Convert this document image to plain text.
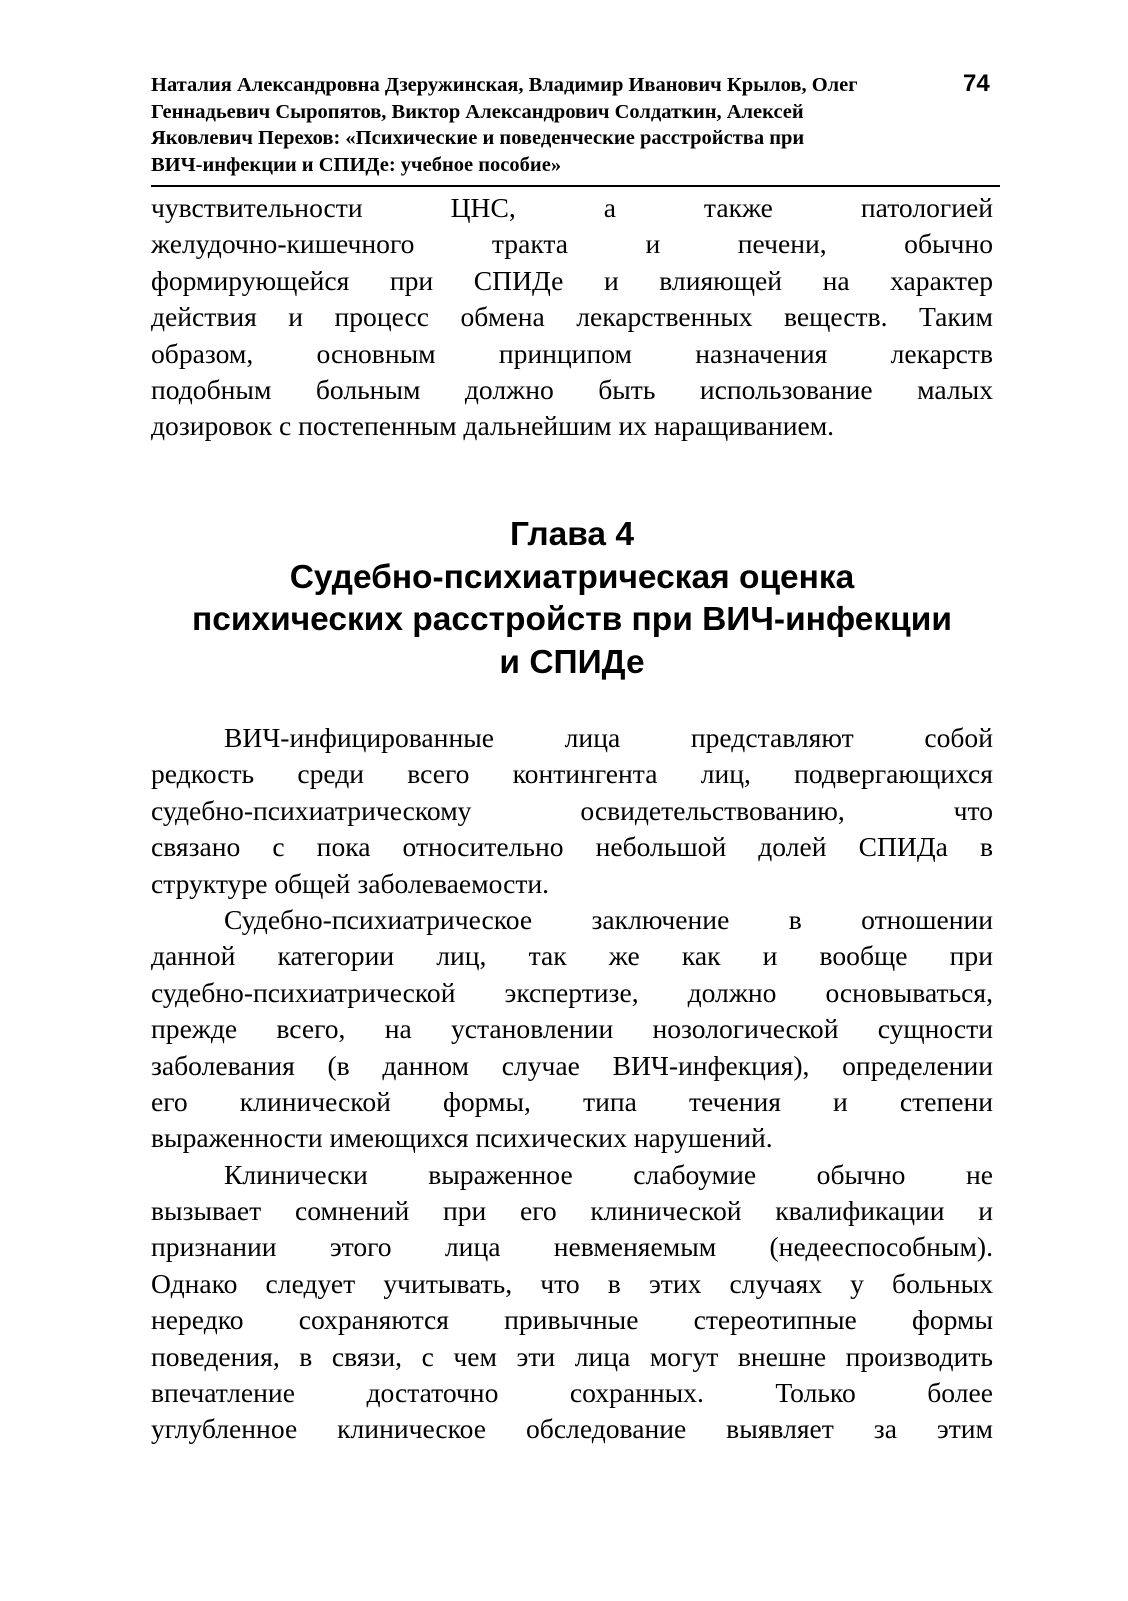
Наталия Александровна Дзеружинская, Владимир Иванович Крылов, Олег
Геннадьевич Сыропятов, Виктор Александрович Солдаткин, Алексей
Яковлевич Перехов: «Психические и поведенческие расстройства при
ВИЧ-инфекции и СПИДе: учебное пособие»
74
чувствительности ЦНС, а также патологией
желудочно-кишечного тракта и печени, обычно
формирующейся при СПИДе и влияющей на характер
действия и процесс обмена лекарственных веществ. Таким
образом, основным принципом назначения лекарств
подобным больным должно быть использование малых
дозировок с постепенным дальнейшим их наращиванием.
Глава 4
Судебно-психиатрическая оценка
психических расстройств при ВИЧ-инфекции
и СПИДе
ВИЧ-инфицированные лица представляют собой
редкость среди всего контингента лиц, подвергающихся
судебно-психиатрическому освидетельствованию, что
связано с пока относительно небольшой долей СПИДа в
структуре общей заболеваемости.
Судебно-психиатрическое заключение в отношении
данной категории лиц, так же как и вообще при
судебно-психиатрической экспертизе, должно основываться,
прежде всего, на установлении нозологической сущности
заболевания (в данном случае ВИЧ-инфекция), определении
его клинической формы, типа течения и степени
выраженности имеющихся психических нарушений.
Клинически выраженное слабоумие обычно не
вызывает сомнений при его клинической квалификации и
признании этого лица невменяемым (недееспособным).
Однако следует учитывать, что в этих случаях у больных
нередко сохраняются привычные стереотипные формы
поведения, в связи, с чем эти лица могут внешне производить
впечатление достаточно сохранных. Только более
углубленное клиническое обследование выявляет за этим
